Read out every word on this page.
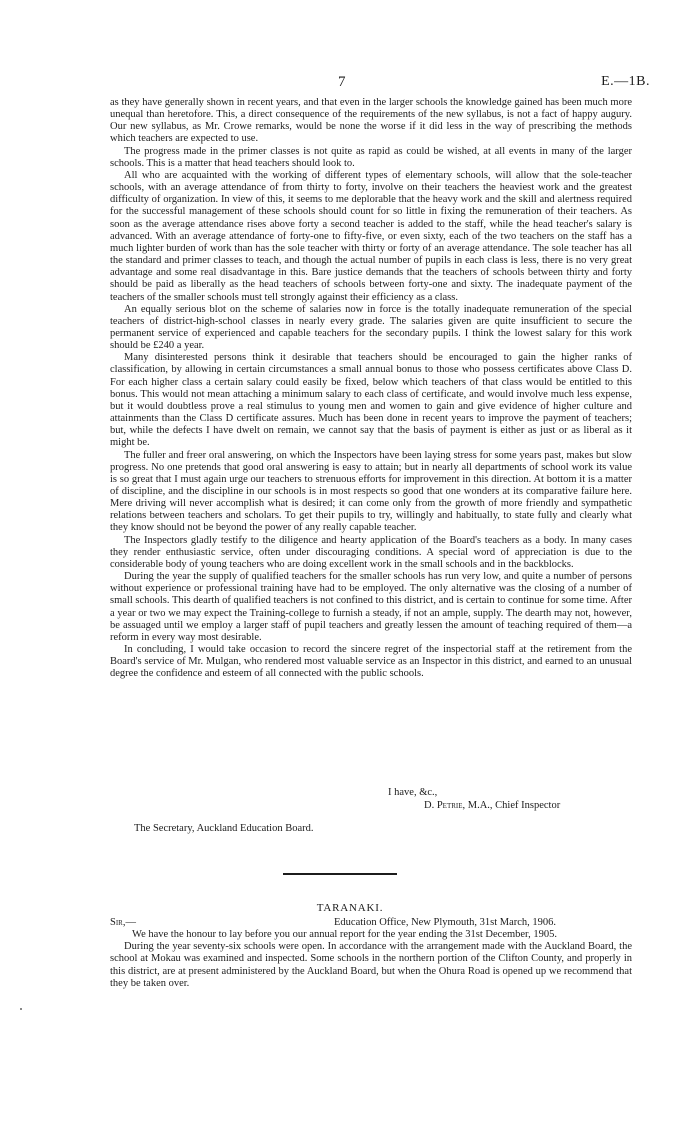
7	E.—1B.

as they have generally shown in recent years, and that even in the larger schools the knowledge gained has been much more unequal than heretofore. This, a direct consequence of the requirements of the new syllabus, is not a fact of happy augury. Our new syllabus, as Mr. Crowe remarks, would be none the worse if it did less in the way of prescribing the methods which teachers are expected to use.

The progress made in the primer classes is not quite as rapid as could be wished, at all events in many of the larger schools. This is a matter that head teachers should look to.

All who are acquainted with the working of different types of elementary schools, will allow that the sole-teacher schools, with an average attendance of from thirty to forty, involve on their teachers the heaviest work and the greatest difficulty of organization. In view of this, it seems to me deplorable that the heavy work and the skill and alertness required for the successful management of these schools should count for so little in fixing the remuneration of their teachers. As soon as the average attendance rises above forty a second teacher is added to the staff, while the head teacher's salary is advanced. With an average attendance of forty-one to fifty-five, or even sixty, each of the two teachers on the staff has a much lighter burden of work than has the sole teacher with thirty or forty of an average attendance. The sole teacher has all the standard and primer classes to teach, and though the actual number of pupils in each class is less, there is no very great advantage and some real disadvantage in this. Bare justice demands that the teachers of schools between thirty and forty should be paid as liberally as the head teachers of schools between forty-one and sixty. The inadequate payment of the teachers of the smaller schools must tell strongly against their efficiency as a class.

An equally serious blot on the scheme of salaries now in force is the totally inadequate remuneration of the special teachers of district-high-school classes in nearly every grade. The salaries given are quite insufficient to secure the permanent service of experienced and capable teachers for the secondary pupils. I think the lowest salary for this work should be £240 a year.

Many disinterested persons think it desirable that teachers should be encouraged to gain the higher ranks of classification, by allowing in certain circumstances a small annual bonus to those who possess certificates above Class D. For each higher class a certain salary could easily be fixed, below which teachers of that class would be entitled to this bonus. This would not mean attaching a minimum salary to each class of certificate, and would involve much less expense, but it would doubtless prove a real stimulus to young men and women to gain and give evidence of higher culture and attainments than the Class D certificate assures. Much has been done in recent years to improve the payment of teachers; but, while the defects I have dwelt on remain, we cannot say that the basis of payment is either as just or as liberal as it might be.

The fuller and freer oral answering, on which the Inspectors have been laying stress for some years past, makes but slow progress. No one pretends that good oral answering is easy to attain; but in nearly all departments of school work its value is so great that I must again urge our teachers to strenuous efforts for improvement in this direction. At bottom it is a matter of discipline, and the discipline in our schools is in most respects so good that one wonders at its comparative failure here. Mere driving will never accomplish what is desired; it can come only from the growth of more friendly and sympathetic relations between teachers and scholars. To get their pupils to try, willingly and habitually, to state fully and clearly what they know should not be beyond the power of any really capable teacher.

The Inspectors gladly testify to the diligence and hearty application of the Board's teachers as a body. In many cases they render enthusiastic service, often under discouraging conditions. A special word of appreciation is due to the considerable body of young teachers who are doing excellent work in the small schools and in the backblocks.

During the year the supply of qualified teachers for the smaller schools has run very low, and quite a number of persons without experience or professional training have had to be employed. The only alternative was the closing of a number of small schools. This dearth of qualified teachers is not confined to this district, and is certain to continue for some time. After a year or two we may expect the Training-college to furnish a steady, if not an ample, supply. The dearth may not, however, be assuaged until we employ a larger staff of pupil teachers and greatly lessen the amount of teaching required of them—a reform in every way most desirable.

In concluding, I would take occasion to record the sincere regret of the inspectorial staff at the retirement from the Board's service of Mr. Mulgan, who rendered most valuable service as an Inspector in this district, and earned to an unusual degree the confidence and esteem of all connected with the public schools.

I have, &c.,
D. Petrie, M.A., Chief Inspector
The Secretary, Auckland Education Board.
TARANAKI.
Sir,—	Education Office, New Plymouth, 31st March, 1906.

We have the honour to lay before you our annual report for the year ending the 31st December, 1905.

During the year seventy-six schools were open. In accordance with the arrangement made with the Auckland Board, the school at Mokau was examined and inspected. Some schools in the northern portion of the Clifton County, and properly in this district, are at present administered by the Auckland Board, but when the Ohura Road is opened up we recommend that they be taken over.
